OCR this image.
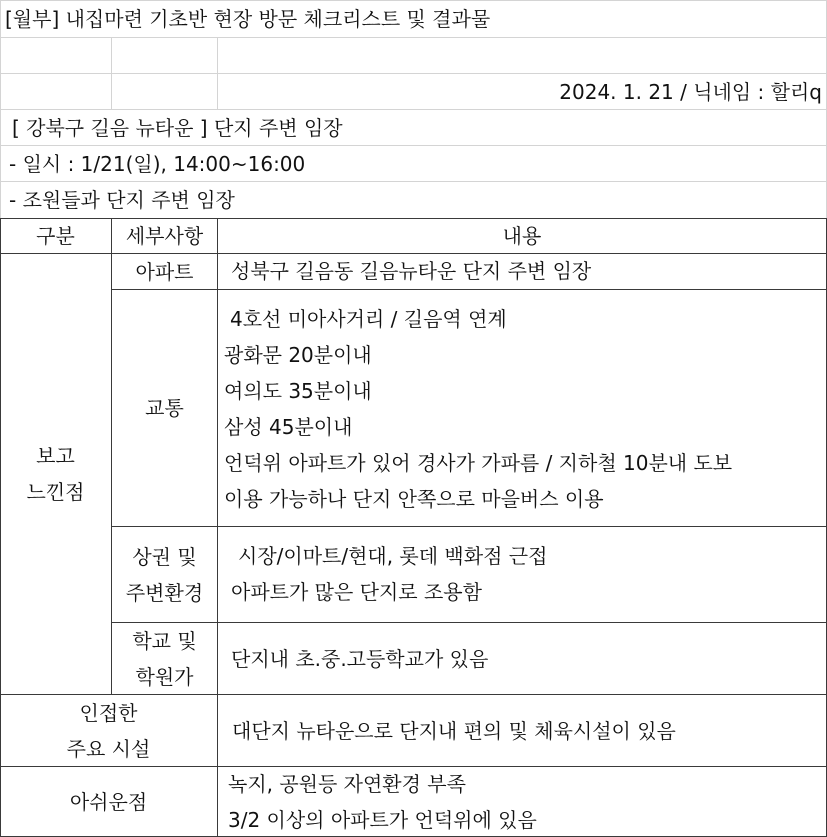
[월부] 내집마련 기초반 현장 방문 체크리스트 및 결과물
2024. 1. 21 / 닉네임 : 할리q
[ 강북구 길음 뉴타운 ] 단지 주변 임장
- 일시 : 1/21(일), 14:00~16:00
- 조원들과 단지 주변 임장
구분	세부사항	내용
보고
느낀점
아파트 성북구 길음동 길음뉴타운 단지 주변 임장
교통
4호선 미아사거리 / 길음역 연계
광화문 20분이내
여의도 35분이내
삼성 45분이내
언덕위 아파트가 있어 경사가 가파름 / 지하철 10분내 도보
이용 가능하나 단지 안쪽으로 마을버스 이용
상권 및
주변환경
시장/이마트/현대, 롯데 백화점 근접
아파트가 많은 단지로 조용함
학교 및
학원가
단지내 초.중.고등학교가 있음
인접한
주요 시설
대단지 뉴타운으로 단지내 편의 및 체육시설이 있음
아쉬운점
녹지, 공원등 자연환경 부족
3/2 이상의 아파트가 언덕위에 있음
